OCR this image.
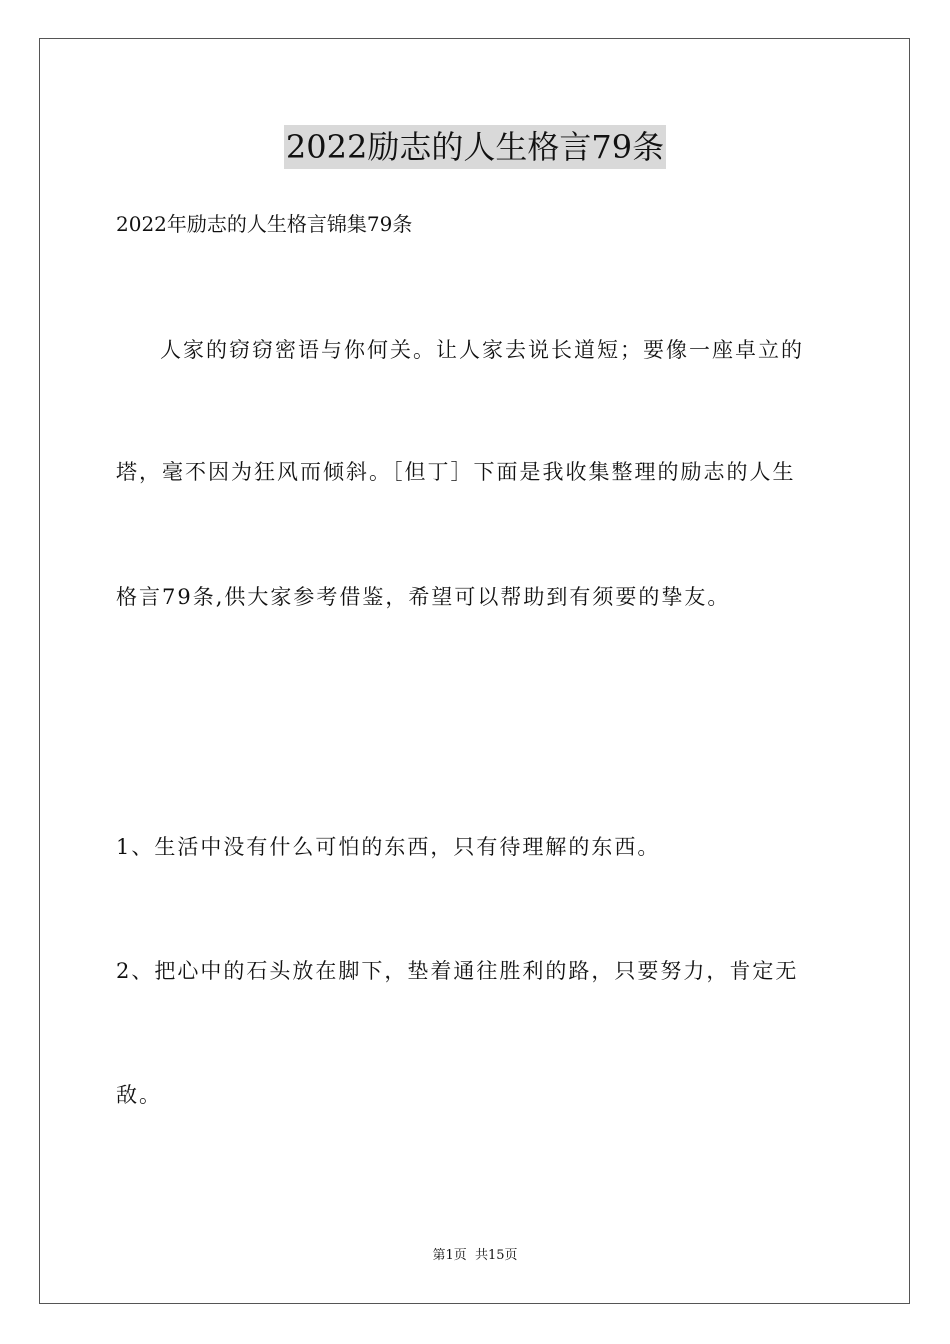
2022励志的人生格言79条
2022年励志的人生格言锦集79条
人家的窃窃密语与你何关。让人家去说长道短；要像一座卓立的
塔，毫不因为狂风而倾斜。［但丁］下面是我收集整理的励志的人生
格言79条,供大家参考借鉴，希望可以帮助到有须要的挚友。
1、生活中没有什么可怕的东西，只有待理解的东西。
2、把心中的石头放在脚下，垫着通往胜利的路，只要努力，肯定无
敌。
第1页 共15页
